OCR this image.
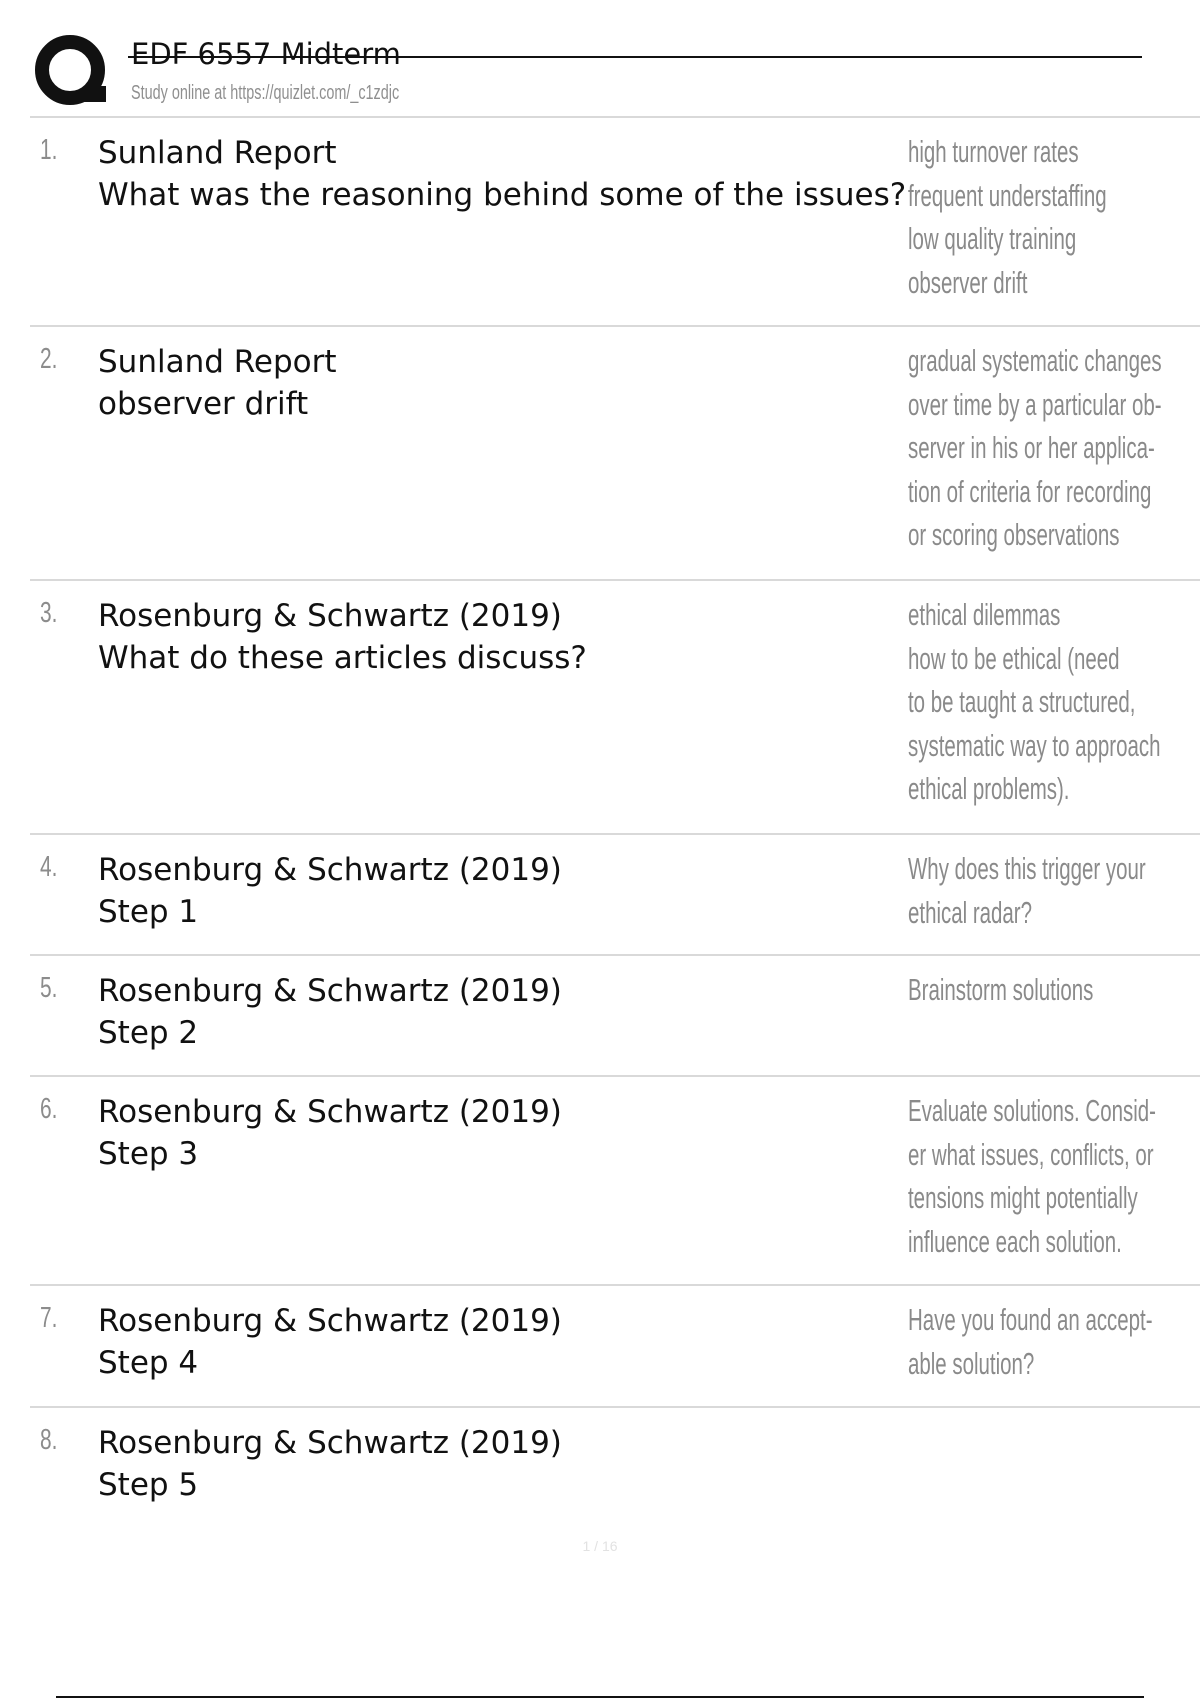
EDF 6557 Midterm
Study online at https://quizlet.com/_c1zdjc
1. Sunland Report
What was the reasoning behind some of the issues?
high turnover rates
frequent understaffing
low quality training
observer drift
2. Sunland Report
observer drift
gradual systematic changes
over time by a particular ob-
server in his or her applica-
tion of criteria for recording
or scoring observations
3. Rosenburg & Schwartz (2019)
What do these articles discuss?
ethical dilemmas
how to be ethical (need
to be taught a structured,
systematic way to approach
ethical problems).
4. Rosenburg & Schwartz (2019)
Step 1
Why does this trigger your
ethical radar?
5. Rosenburg & Schwartz (2019)
Step 2
Brainstorm solutions
6. Rosenburg & Schwartz (2019)
Step 3
Evaluate solutions. Consid-
er what issues, conflicts, or
tensions might potentially
influence each solution.
7. Rosenburg & Schwartz (2019)
Step 4
Have you found an accept-
able solution?
8. Rosenburg & Schwartz (2019)
Step 5
1 / 16
